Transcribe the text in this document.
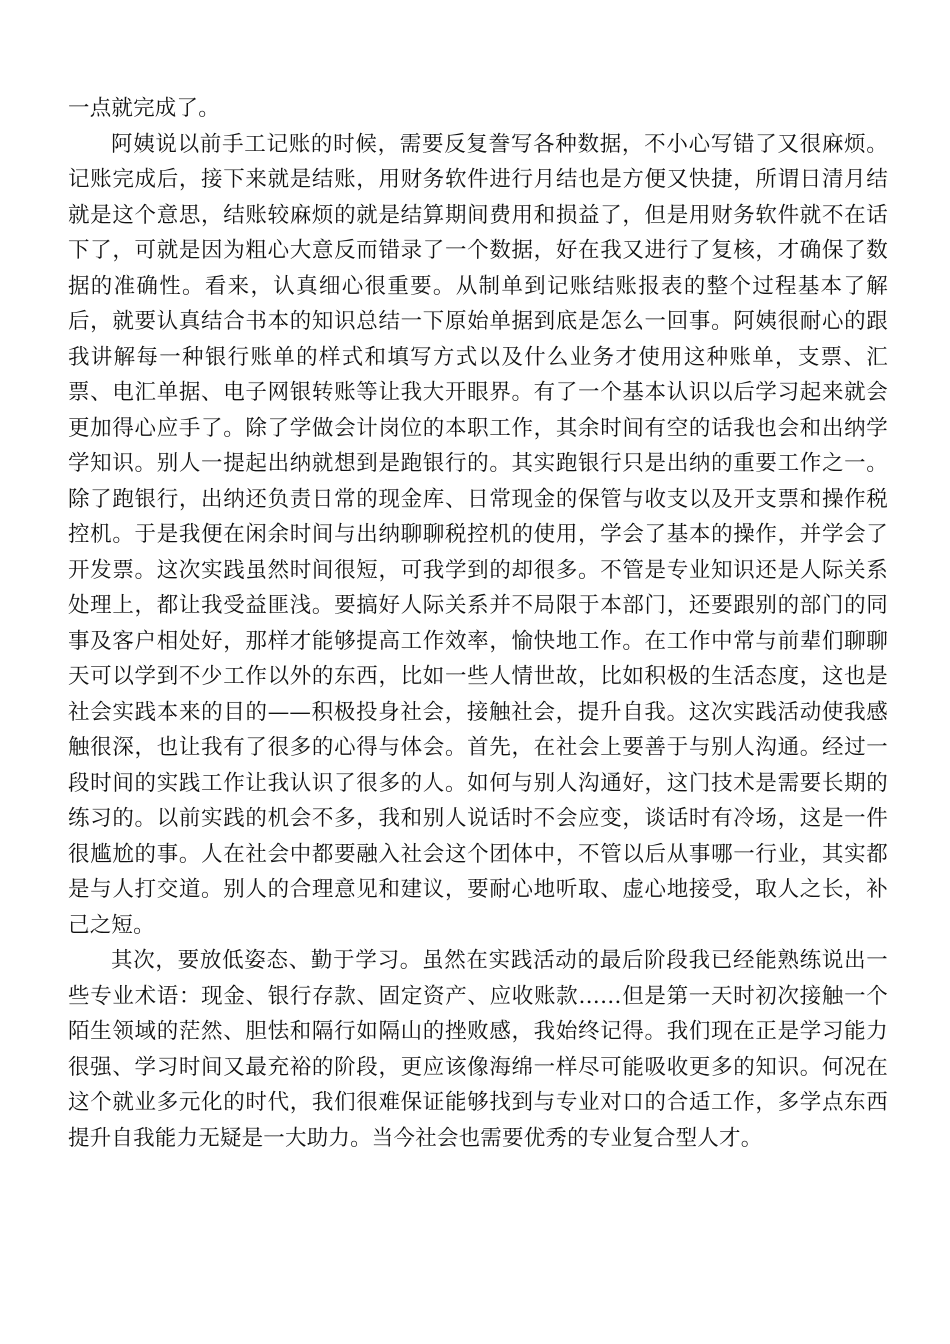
一点就完成了。

阿姨说以前手工记账的时候，需要反复誊写各种数据，不小心写错了又很麻烦。记账完成后，接下来就是结账，用财务软件进行月结也是方便又快捷，所谓日清月结就是这个意思，结账较麻烦的就是结算期间费用和损益了，但是用财务软件就不在话下了，可就是因为粗心大意反而错录了一个数据，好在我又进行了复核，才确保了数据的准确性。看来，认真细心很重要。从制单到记账结账报表的整个过程基本了解后，就要认真结合书本的知识总结一下原始单据到底是怎么一回事。阿姨很耐心的跟我讲解每一种银行账单的样式和填写方式以及什么业务才使用这种账单，支票、汇票、电汇单据、电子网银转账等让我大开眼界。有了一个基本认识以后学习起来就会更加得心应手了。除了学做会计岗位的本职工作，其余时间有空的话我也会和出纳学学知识。别人一提起出纳就想到是跑银行的。其实跑银行只是出纳的重要工作之一。除了跑银行，出纳还负责日常的现金库、日常现金的保管与收支以及开支票和操作税控机。于是我便在闲余时间与出纳聊聊税控机的使用，学会了基本的操作，并学会了开发票。这次实践虽然时间很短，可我学到的却很多。不管是专业知识还是人际关系处理上，都让我受益匪浅。要搞好人际关系并不局限于本部门，还要跟别的部门的同事及客户相处好，那样才能够提高工作效率，愉快地工作。在工作中常与前辈们聊聊天可以学到不少工作以外的东西，比如一些人情世故，比如积极的生活态度，这也是社会实践本来的目的——积极投身社会，接触社会，提升自我。这次实践活动使我感触很深，也让我有了很多的心得与体会。首先，在社会上要善于与别人沟通。经过一段时间的实践工作让我认识了很多的人。如何与别人沟通好，这门技术是需要长期的练习的。以前实践的机会不多，我和别人说话时不会应变，谈话时有冷场，这是一件很尴尬的事。人在社会中都要融入社会这个团体中，不管以后从事哪一行业，其实都是与人打交道。别人的合理意见和建议，要耐心地听取、虚心地接受，取人之长，补己之短。

其次，要放低姿态、勤于学习。虽然在实践活动的最后阶段我已经能熟练说出一些专业术语：现金、银行存款、固定资产、应收账款……但是第一天时初次接触一个陌生领域的茫然、胆怯和隔行如隔山的挫败感，我始终记得。我们现在正是学习能力很强、学习时间又最充裕的阶段，更应该像海绵一样尽可能吸收更多的知识。何况在这个就业多元化的时代，我们很难保证能够找到与专业对口的合适工作，多学点东西提升自我能力无疑是一大助力。当今社会也需要优秀的专业复合型人才。
